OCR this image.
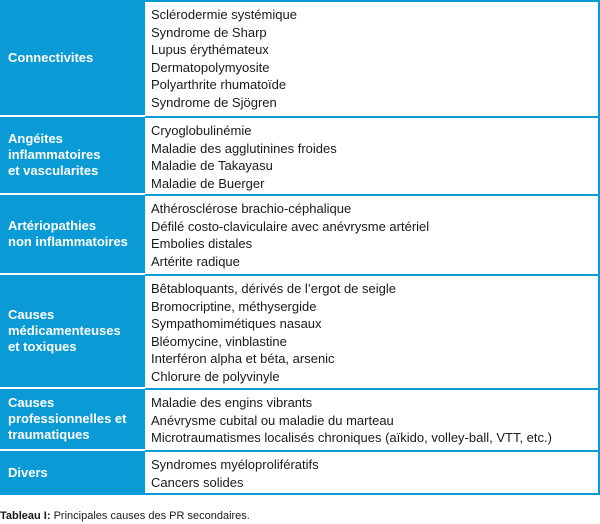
Connectivites
Sclérodermie systémique
Syndrome de Sharp
Lupus érythémateux
Dermatopolymyosite
Polyarthrite rhumatoïde
Syndrome de Sjögren
Angéites
inflammatoires
et vascularites
Cryoglobulinémie
Maladie des agglutinines froides
Maladie de Takayasu
Maladie de Buerger
Artériopathies
non inflammatoires
Athérosclérose brachio-céphalique
Défilé costo-claviculaire avec anévrysme artériel
Embolies distales
Artérite radique
Causes
médicamenteuses
et toxiques
Bêtabloquants, dérivés de l’ergot de seigle
Bromocriptine, méthysergide
Sympathomimétiques nasaux
Bléomycine, vinblastine
Interféron alpha et béta, arsenic
Chlorure de polyvinyle
Causes
professionnelles et
traumatiques
Maladie des engins vibrants
Anévrysme cubital ou maladie du marteau
Microtraumatismes localisés chroniques (aïkido, volley-ball, VTT, etc.)
Divers	Syndromes myéloprolifératifs
Cancers solides
Tableau I: Principales causes des PR secondaires.
